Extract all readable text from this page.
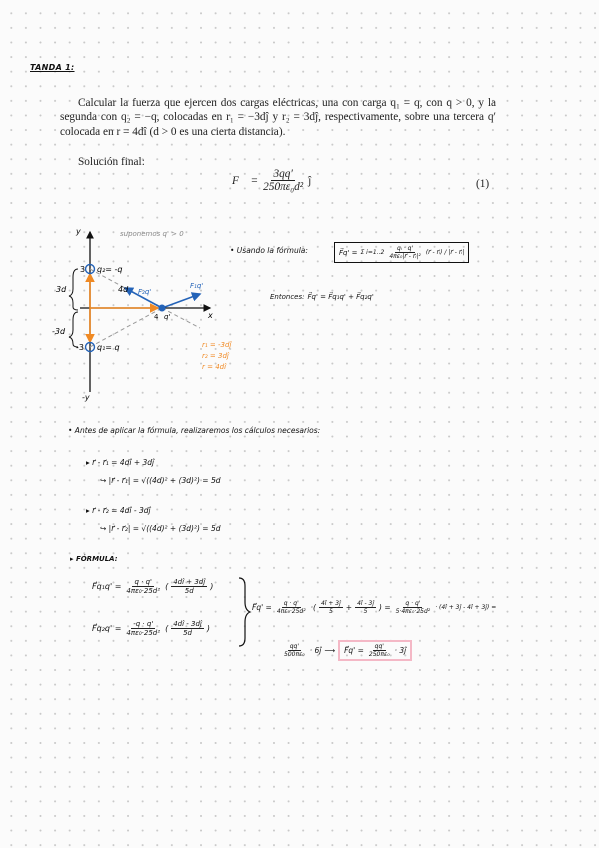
TANDA 1:
Calcular la fuerza que ejercen dos cargas eléctricas, una con carga q₁ = q, con q > 0, y la segunda con q₂ = −q, colocadas en r₁ = −3dĵ y r₂ = 3dĵ, respectivamente, sobre una tercera q′ colocada en r = 4dî (d > 0 es una cierta distancia).
Solución final:
F⃗ = $\frac{3qq'}{\text{250πε₀d²}}$ ĵ	(1)
suponemos q' > 0
y
-y
x
3
-3
3d
-3d
4d
q₂= -q
q₁= q
q'
4
F₂q'
F₁q'
r₁ = -3dĵ
r₂ = 3dĵ
r = 4dî
• Usando la fórmula:	F⃗q' = Σ $i=1..2 \frac{\text{qᵢ · q'}}{\text{4πε₀|r⃗ - r⃗ᵢ|²}}$ (r⃗ - r⃗ᵢ) / |r⃗ - r⃗ᵢ|
Entonces: F⃗q' = F⃗q₁q' + F⃗q₂q'
• Antes de aplicar la fórmula, realizaremos los cálculos necesarios:
▸ r⃗ - r⃗₁ = 4dî + 3dĵ
↪ |r⃗ - r⃗₁| = √((4d)² + (3d)²) = 5d
▸ r⃗ - r⃗₂ = 4dî - 3dĵ
↪ |r⃗ - r⃗₂| = √((4d)² + (3d)²) = 5d
▸ FÓRMULA:
F⃗q₁q' = $\frac{q \cdot q'}{\text{4πε₀·25d²}}$ ( $\frac{4dî + 3dĵ}{5d}$ )
F⃗q₂q' = $\frac{-q \cdot q'}{\text{4πε₀·25d²}}$ ( $\frac{4dî - 3dĵ}{5d}$ )
F⃗q' = $\frac{q \cdot q'}{\text{4πε₀·25d²}}$ ·( $\frac{4î + 3ĵ}{5} + \frac{4î - 3ĵ}{5}$ ) = $\frac{q \cdot q'}{\text{5·4πε₀·25d²}}$ · (4î + 3ĵ - 4î + 3ĵ) =
$\frac{qq'}{\text{500πε₀}}$ · 6ĵ ⟶ F⃗q' = $\frac{qq'}{\text{250πε₀}}$ · 3ĵ
